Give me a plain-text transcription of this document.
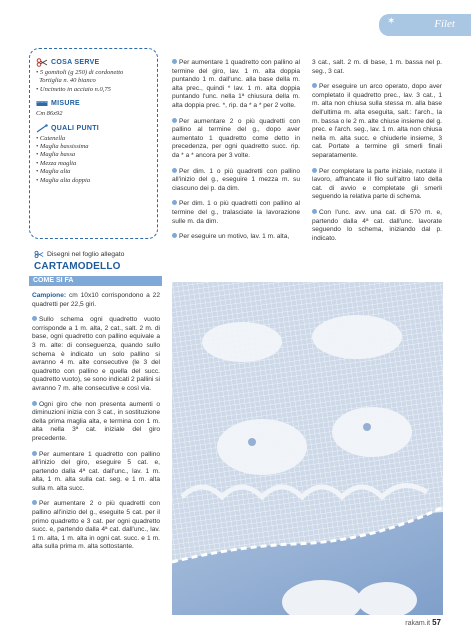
✶	Filet
COSA SERVE
• 5 gomitoli (g 250) di cordonetto
Tortiglia n. 40 bianco
• Uncinetto in acciaio n.0,75
MISURE
Cm 86x92
QUALI PUNTI
• Catenella
• Maglia bassissima
• Maglia bassa
• Mezza maglia
• Maglia alta
• Maglia alta doppia
Disegni nel foglio allegato
CARTAMODELLO
COME SI FA

Campione: cm 10x10 corrispondono a 22 quadretti per 22,5 giri.

Sullo schema ogni quadretto vuoto corrisponde a 1 m. alta, 2 cat., salt. 2 m. di base, ogni quadretto con pallino equivale a 3 m. alte: di conseguenza, quando sullo schema è indicato un solo pallino si avranno 4 m. alte consecutive (le 3 del quadretto con pallino e quella del succ. quadretto vuoto), se sono indicati 2 pallini si avranno 7 m. alte consecutive e così via.

Ogni giro che non presenta aumenti o diminuzioni inizia con 3 cat., in sostituzione della prima maglia alta, e termina con 1 m. alta nella 3ª cat. iniziale del giro precedente.

Per aumentare 1 quadretto con pallino all'inizio del giro, eseguire 5 cat. e, partendo dalla 4ª cat. dall'unc., lav. 1 m. alta, 1 m. alta sulla cat. seg. e 1 m. alta sulla m. alta succ.

Per aumentare 2 o più quadretti con pallino all'inizio del g., eseguite 5 cat. per il primo quadretto e 3 cat. per ogni quadretto succ. e, partendo dalla 4ª cat. dall'unc., lav. 1 m. alta, 1 m. alta in ogni cat. succ. e 1 m. alta sulla prima m. alta sottostante.

Per aumentare 1 quadretto con pallino al termine del giro, lav. 1 m. alta doppia puntando 1 m. dall'unc. alla base della m. alta prec., quindi * lav. 1 m. alta doppia puntando l'unc. nella 1ª chiusura della m. alta doppia prec. *, rip. da * a * per 2 volte.

Per aumentare 2 o più quadretti con pallino al termine del g., dopo aver aumentato 1 quadretto come detto in precedenza, per ogni quadretto succ. rip. da * a * ancora per 3 volte.

Per dim. 1 o più quadretti con pallino all'inizio del g., eseguire 1 mezza m. su ciascuno dei p. da dim.

Per dim. 1 o più quadretti con pallino al termine del g., tralasciate la lavorazione sulle m. da dim.

Per eseguire un motivo, lav. 1 m. alta,

3 cat., salt. 2 m. di base, 1 m. bassa nel p. seg., 3 cat.

Per eseguire un arco operato, dopo aver completato il quadretto prec., lav. 3 cat., 1 m. alta non chiusa sulla stessa m. alla base dell'ultima m. alta eseguita, salt.: l'arch., la m. bassa o le 2 m. alte chiuse insieme del g. prec. e l'arch. seg., lav. 1 m. alta non chiusa nella m. alta succ. e chiuderle insieme, 3 cat. Portate a termine gli smerli finali separatamente.

Per completare la parte iniziale, ruotate il lavoro, affrancate il filo sull'altro lato della cat. di avvio e completate gli smerli seguendo la relativa parte di schema.

Con l'unc. avv. una cat. di 570 m. e, partendo dalla 4ª cat. dall'unc. lavorate seguendo lo schema, iniziando dal p. indicato.

rakam.it 57
